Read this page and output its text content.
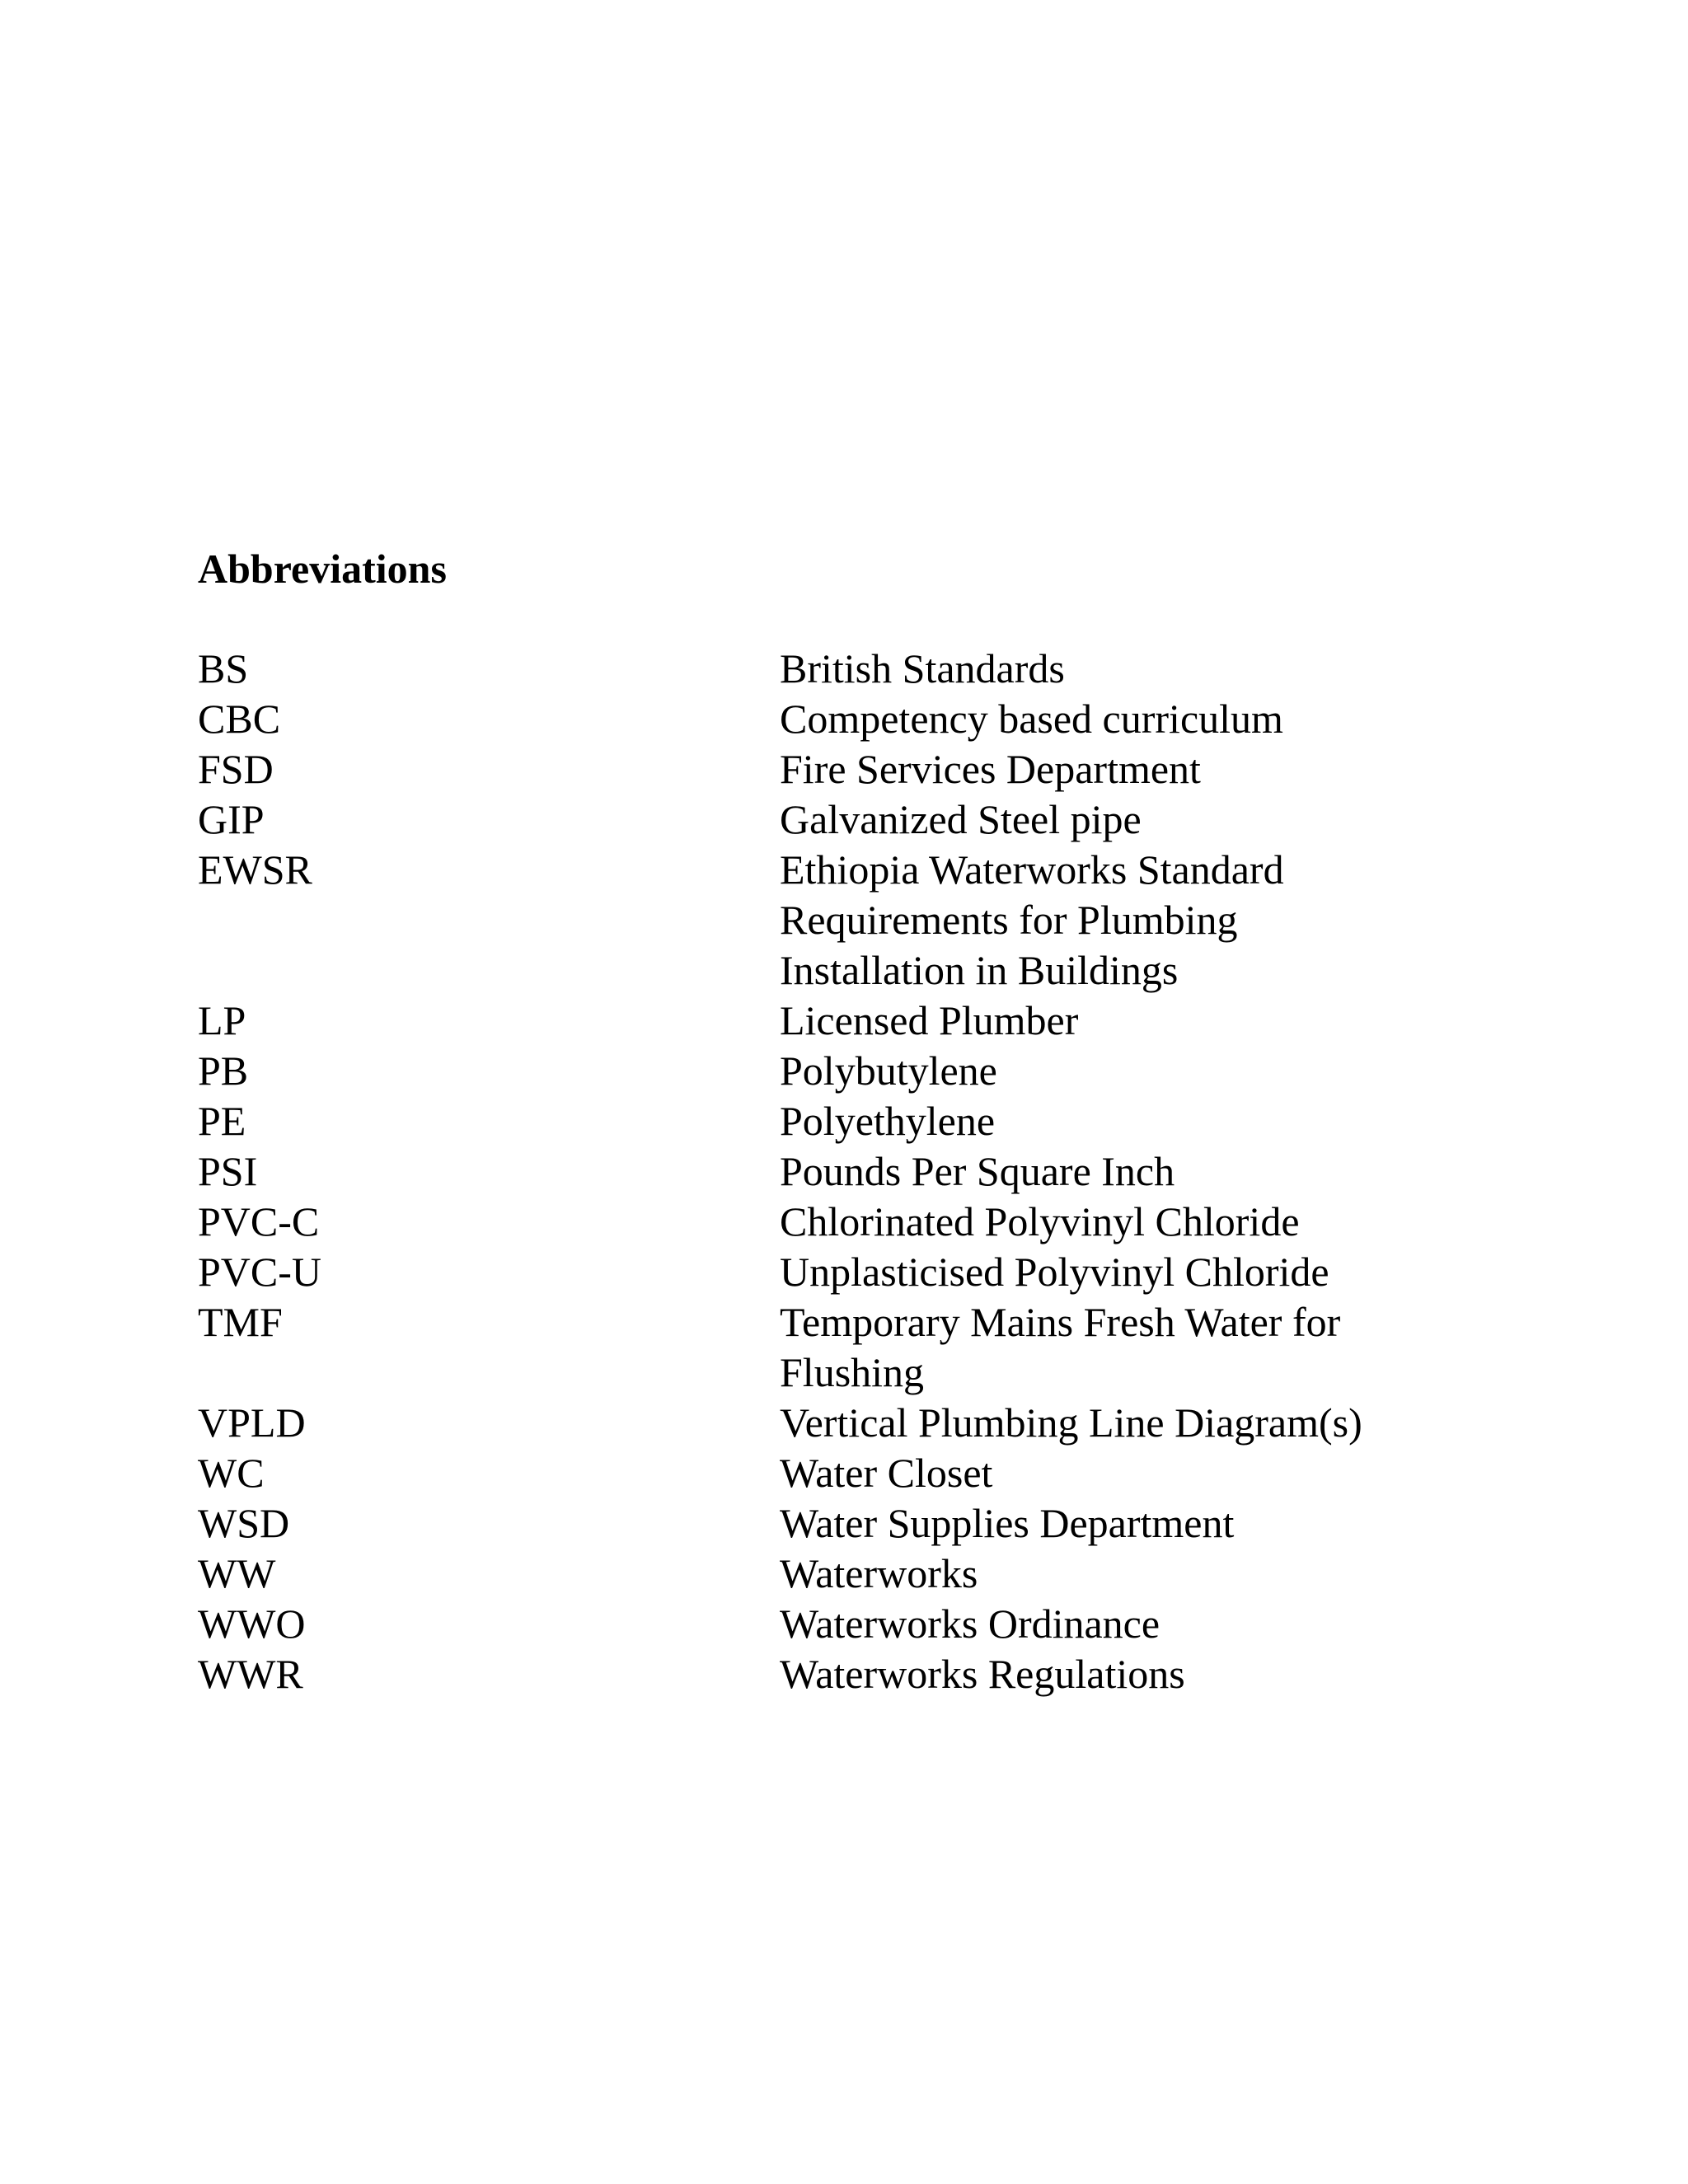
Abbreviations
BS	British Standards
CBC	Competency based curriculum
FSD	Fire Services Department
GIP	Galvanized Steel pipe
EWSR	Ethiopia Waterworks Standard Requirements for Plumbing Installation in Buildings
LP	Licensed Plumber
PB	Polybutylene
PE	Polyethylene
PSI	Pounds Per Square Inch
PVC-C	Chlorinated Polyvinyl Chloride
PVC-U	Unplasticised Polyvinyl Chloride
TMF	Temporary Mains Fresh Water for Flushing
VPLD	Vertical Plumbing Line Diagram(s)
WC	Water Closet
WSD	Water Supplies Department
WW	Waterworks
WWO	Waterworks Ordinance
WWR	Waterworks Regulations
